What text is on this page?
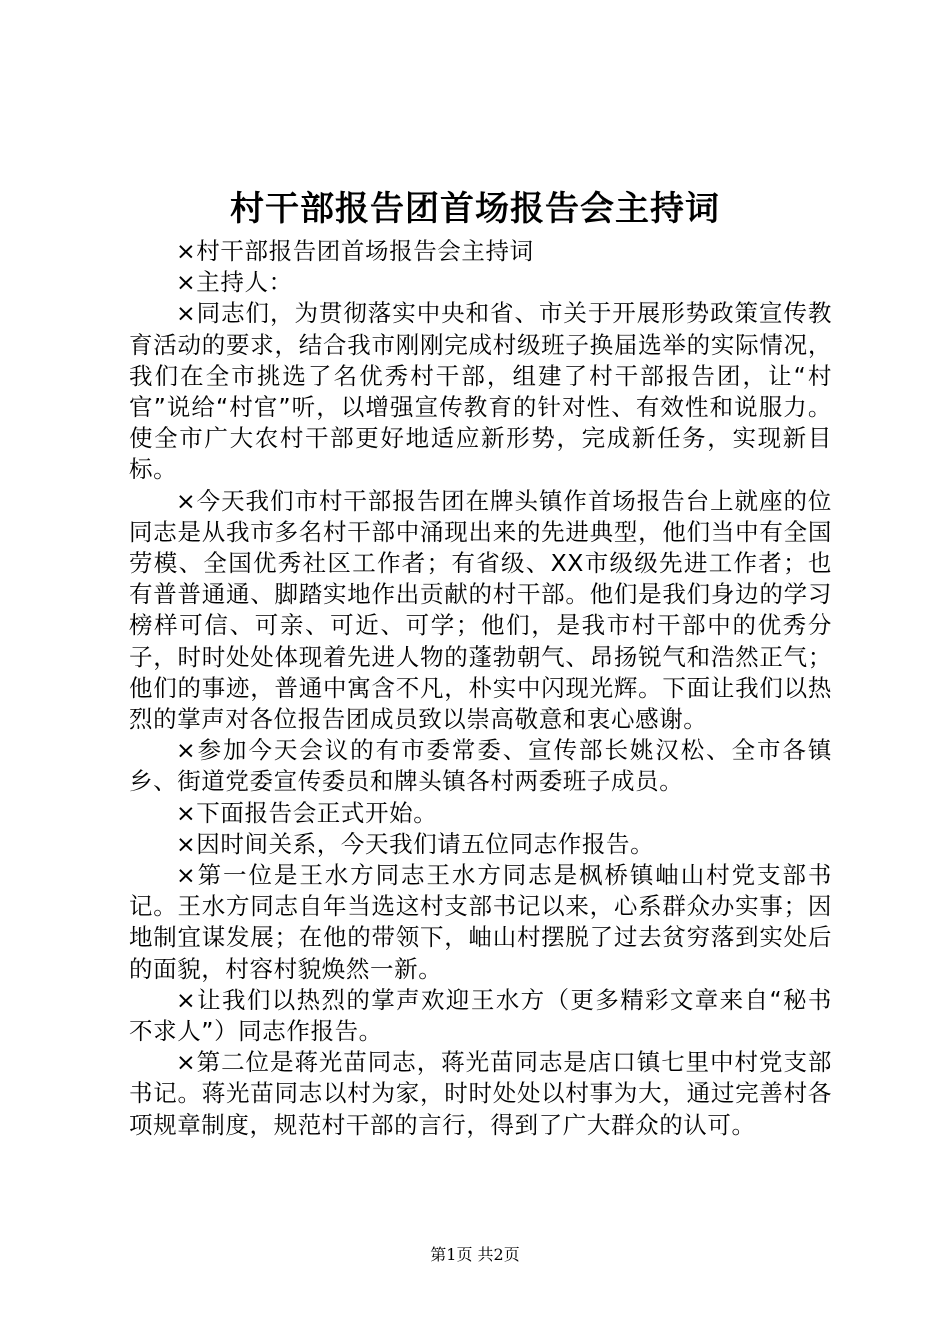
村干部报告团首场报告会主持词

×村干部报告团首场报告会主持词

×主持人：

×同志们，为贯彻落实中央和省、市关于开展形势政策宣传教育活动的要求，结合我市刚刚完成村级班子换届选举的实际情况，我们在全市挑选了名优秀村干部，组建了村干部报告团，让“村官”说给“村官”听，以增强宣传教育的针对性、有效性和说服力。使全市广大农村干部更好地适应新形势，完成新任务，实现新目标。

×今天我们市村干部报告团在牌头镇作首场报告台上就座的位同志是从我市多名村干部中涌现出来的先进典型，他们当中有全国劳模、全国优秀社区工作者；有省级、XX市级级先进工作者；也有普普通通、脚踏实地作出贡献的村干部。他们是我们身边的学习榜样可信、可亲、可近、可学；他们，是我市村干部中的优秀分子，时时处处体现着先进人物的蓬勃朝气、昂扬锐气和浩然正气；他们的事迹，普通中寓含不凡，朴实中闪现光辉。下面让我们以热烈的掌声对各位报告团成员致以崇高敬意和衷心感谢。

×参加今天会议的有市委常委、宣传部长姚汉松、全市各镇乡、街道党委宣传委员和牌头镇各村两委班子成员。

×下面报告会正式开始。

×因时间关系，今天我们请五位同志作报告。

×第一位是王水方同志王水方同志是枫桥镇岫山村党支部书记。王水方同志自年当选这村支部书记以来，心系群众办实事；因地制宜谋发展；在他的带领下，岫山村摆脱了过去贫穷落到实处后的面貌，村容村貌焕然一新。

×让我们以热烈的掌声欢迎王水方（更多精彩文章来自“秘书不求人”）同志作报告。

×第二位是蒋光苗同志，蒋光苗同志是店口镇七里中村党支部书记。蒋光苗同志以村为家，时时处处以村事为大，通过完善村各项规章制度，规范村干部的言行，得到了广大群众的认可。

第1页 共2页
